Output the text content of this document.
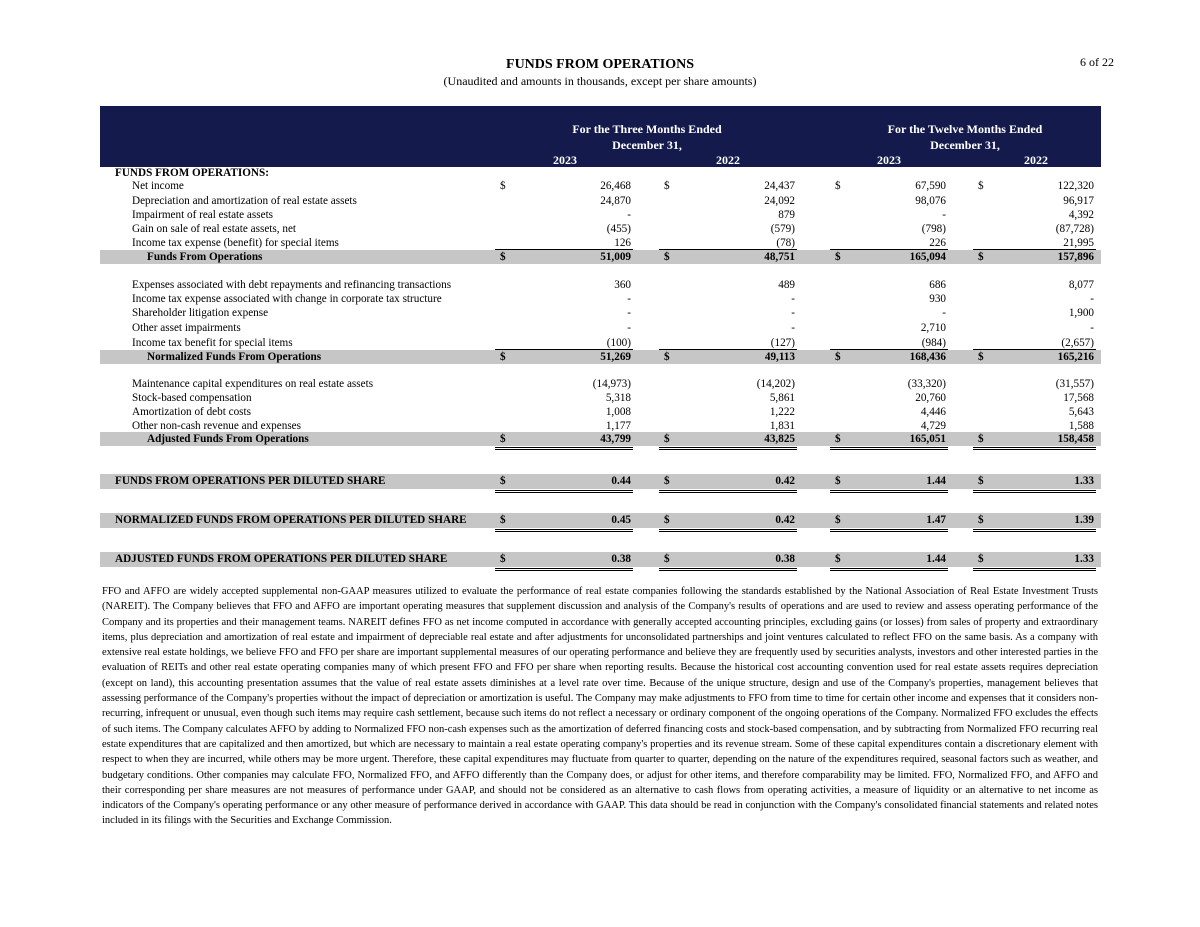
6 of 22
FUNDS FROM OPERATIONS
(Unaudited and amounts in thousands, except per share amounts)
For the Three Months Ended
December 31,
For the Twelve Months Ended
December 31,
2023	2022	2023	2022
FUNDS FROM OPERATIONS:
Net income	$	26,468	$	24,437	$	67,590	$	122,320
Depreciation and amortization of real estate assets	24,870	24,092	98,076	96,917
Impairment of real estate assets	-	879	-	4,392
Gain on sale of real estate assets, net	(455)	(579)	(798)	(87,728)
Income tax expense (benefit) for special items	126	(78)	226	21,995
Funds From Operations	$	51,009	$	48,751	$	165,094	$	157,896
Expenses associated with debt repayments and refinancing transactions	360	489	686	8,077
Income tax expense associated with change in corporate tax structure	-	-	930	-
Shareholder litigation expense	-	-	-	1,900
Other asset impairments	-	-	2,710	-
Income tax benefit for special items	(100)	(127)	(984)	(2,657)
Normalized Funds From Operations	$	51,269	$	49,113	$	168,436	$	165,216
Maintenance capital expenditures on real estate assets	(14,973)	(14,202)	(33,320)	(31,557)
Stock-based compensation	5,318	5,861	20,760	17,568
Amortization of debt costs	1,008	1,222	4,446	5,643
Other non-cash revenue and expenses	1,177	1,831	4,729	1,588
Adjusted Funds From Operations	$	43,799	$	43,825	$	165,051	$	158,458
FUNDS FROM OPERATIONS PER DILUTED SHARE	$	0.44	$	0.42	$	1.44	$	1.33
NORMALIZED FUNDS FROM OPERATIONS PER DILUTED SHARE	$	0.45	$	0.42	$	1.47	$	1.39
ADJUSTED FUNDS FROM OPERATIONS PER DILUTED SHARE	$	0.38	$	0.38	$	1.44	$	1.33
FFO and AFFO are widely accepted supplemental non-GAAP measures utilized to evaluate the performance of real estate companies following the standards established by the National Association of Real Estate Investment Trusts (NAREIT). The Company believes that FFO and AFFO are important operating measures that supplement discussion and analysis of the Company's results of operations and are used to review and assess operating performance of the Company and its properties and their management teams. NAREIT defines FFO as net income computed in accordance with generally accepted accounting principles, excluding gains (or losses) from sales of property and extraordinary items, plus depreciation and amortization of real estate and impairment of depreciable real estate and after adjustments for unconsolidated partnerships and joint ventures calculated to reflect FFO on the same basis. As a company with extensive real estate holdings, we believe FFO and FFO per share are important supplemental measures of our operating performance and believe they are frequently used by securities analysts, investors and other interested parties in the evaluation of REITs and other real estate operating companies many of which present FFO and FFO per share when reporting results. Because the historical cost accounting convention used for real estate assets requires depreciation (except on land), this accounting presentation assumes that the value of real estate assets diminishes at a level rate over time. Because of the unique structure, design and use of the Company's properties, management believes that assessing performance of the Company's properties without the impact of depreciation or amortization is useful. The Company may make adjustments to FFO from time to time for certain other income and expenses that it considers non-recurring, infrequent or unusual, even though such items may require cash settlement, because such items do not reflect a necessary or ordinary component of the ongoing operations of the Company. Normalized FFO excludes the effects of such items. The Company calculates AFFO by adding to Normalized FFO non-cash expenses such as the amortization of deferred financing costs and stock-based compensation, and by subtracting from Normalized FFO recurring real estate expenditures that are capitalized and then amortized, but which are necessary to maintain a real estate operating company's properties and its revenue stream. Some of these capital expenditures contain a discretionary element with respect to when they are incurred, while others may be more urgent. Therefore, these capital expenditures may fluctuate from quarter to quarter, depending on the nature of the expenditures required, seasonal factors such as weather, and budgetary conditions. Other companies may calculate FFO, Normalized FFO, and AFFO differently than the Company does, or adjust for other items, and therefore comparability may be limited. FFO, Normalized FFO, and AFFO and their corresponding per share measures are not measures of performance under GAAP, and should not be considered as an alternative to cash flows from operating activities, a measure of liquidity or an alternative to net income as indicators of the Company's operating performance or any other measure of performance derived in accordance with GAAP. This data should be read in conjunction with the Company's consolidated financial statements and related notes included in its filings with the Securities and Exchange Commission.
